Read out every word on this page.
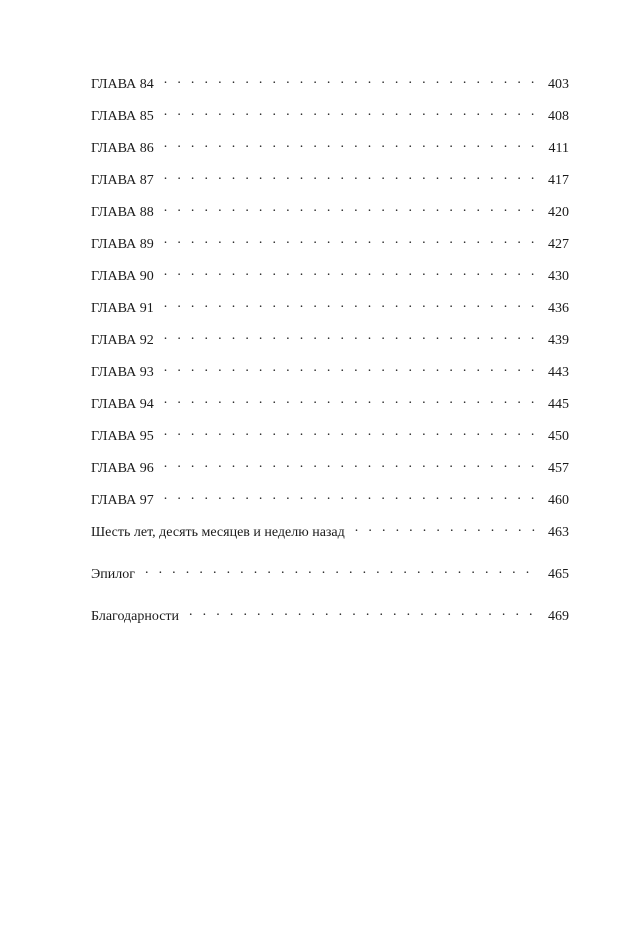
ГЛАВА 84 . . .	403
ГЛАВА 85 . . .	408
ГЛАВА 86 . . .	411
ГЛАВА 87 . . .	417
ГЛАВА 88 . . .	420
ГЛАВА 89 . . .	427
ГЛАВА 90 . . .	430
ГЛАВА 91 . . .	436
ГЛАВА 92 . . .	439
ГЛАВА 93 . . .	443
ГЛАВА 94 . . .	445
ГЛАВА 95 . . .	450
ГЛАВА 96 . . .	457
ГЛАВА 97 . . .	460
Шесть лет, десять месяцев и неделю назад . . .	463
Эпилог . . .	465
Благодарности . . .	469
